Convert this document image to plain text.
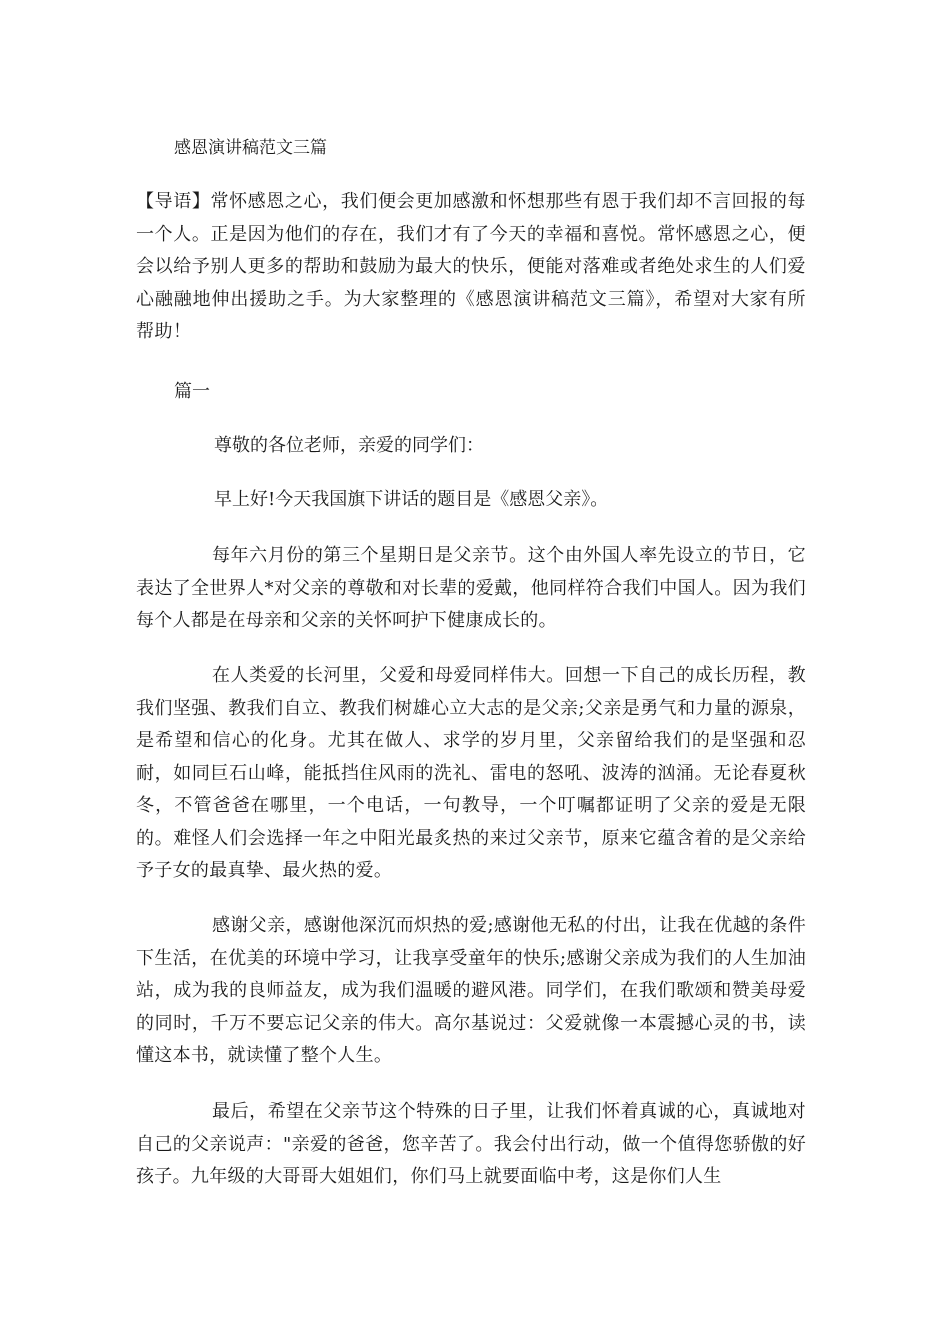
感恩演讲稿范文三篇

【导语】常怀感恩之心，我们便会更加感激和怀想那些有恩于我们却不言回报的每一个人。正是因为他们的存在，我们才有了今天的幸福和喜悦。常怀感恩之心，便会以给予别人更多的帮助和鼓励为最大的快乐，便能对落难或者绝处求生的人们爱心融融地伸出援助之手。为大家整理的《感恩演讲稿范文三篇》，希望对大家有所帮助！

篇一

尊敬的各位老师，亲爱的同学们：

早上好!今天我国旗下讲话的题目是《感恩父亲》。

每年六月份的第三个星期日是父亲节。这个由外国人率先设立的节日，它表达了全世界人*对父亲的尊敬和对长辈的爱戴，他同样符合我们中国人。因为我们每个人都是在母亲和父亲的关怀呵护下健康成长的。

在人类爱的长河里，父爱和母爱同样伟大。回想一下自己的成长历程，教我们坚强、教我们自立、教我们树雄心立大志的是父亲;父亲是勇气和力量的源泉，是希望和信心的化身。尤其在做人、求学的岁月里，父亲留给我们的是坚强和忍耐，如同巨石山峰，能抵挡住风雨的洗礼、雷电的怒吼、波涛的汹涌。无论春夏秋冬，不管爸爸在哪里，一个电话，一句教导，一个叮嘱都证明了父亲的爱是无限的。难怪人们会选择一年之中阳光最炙热的来过父亲节，原来它蕴含着的是父亲给予子女的最真挚、最火热的爱。

感谢父亲，感谢他深沉而炽热的爱;感谢他无私的付出，让我在优越的条件下生活，在优美的环境中学习，让我享受童年的快乐;感谢父亲成为我们的人生加油站，成为我的良师益友，成为我们温暖的避风港。同学们，在我们歌颂和赞美母爱的同时，千万不要忘记父亲的伟大。高尔基说过：父爱就像一本震撼心灵的书，读懂这本书，就读懂了整个人生。

最后，希望在父亲节这个特殊的日子里，让我们怀着真诚的心，真诚地对自己的父亲说声："亲爱的爸爸，您辛苦了。我会付出行动，做一个值得您骄傲的好孩子。九年级的大哥哥大姐姐们，你们马上就要面临中考，这是你们人生
